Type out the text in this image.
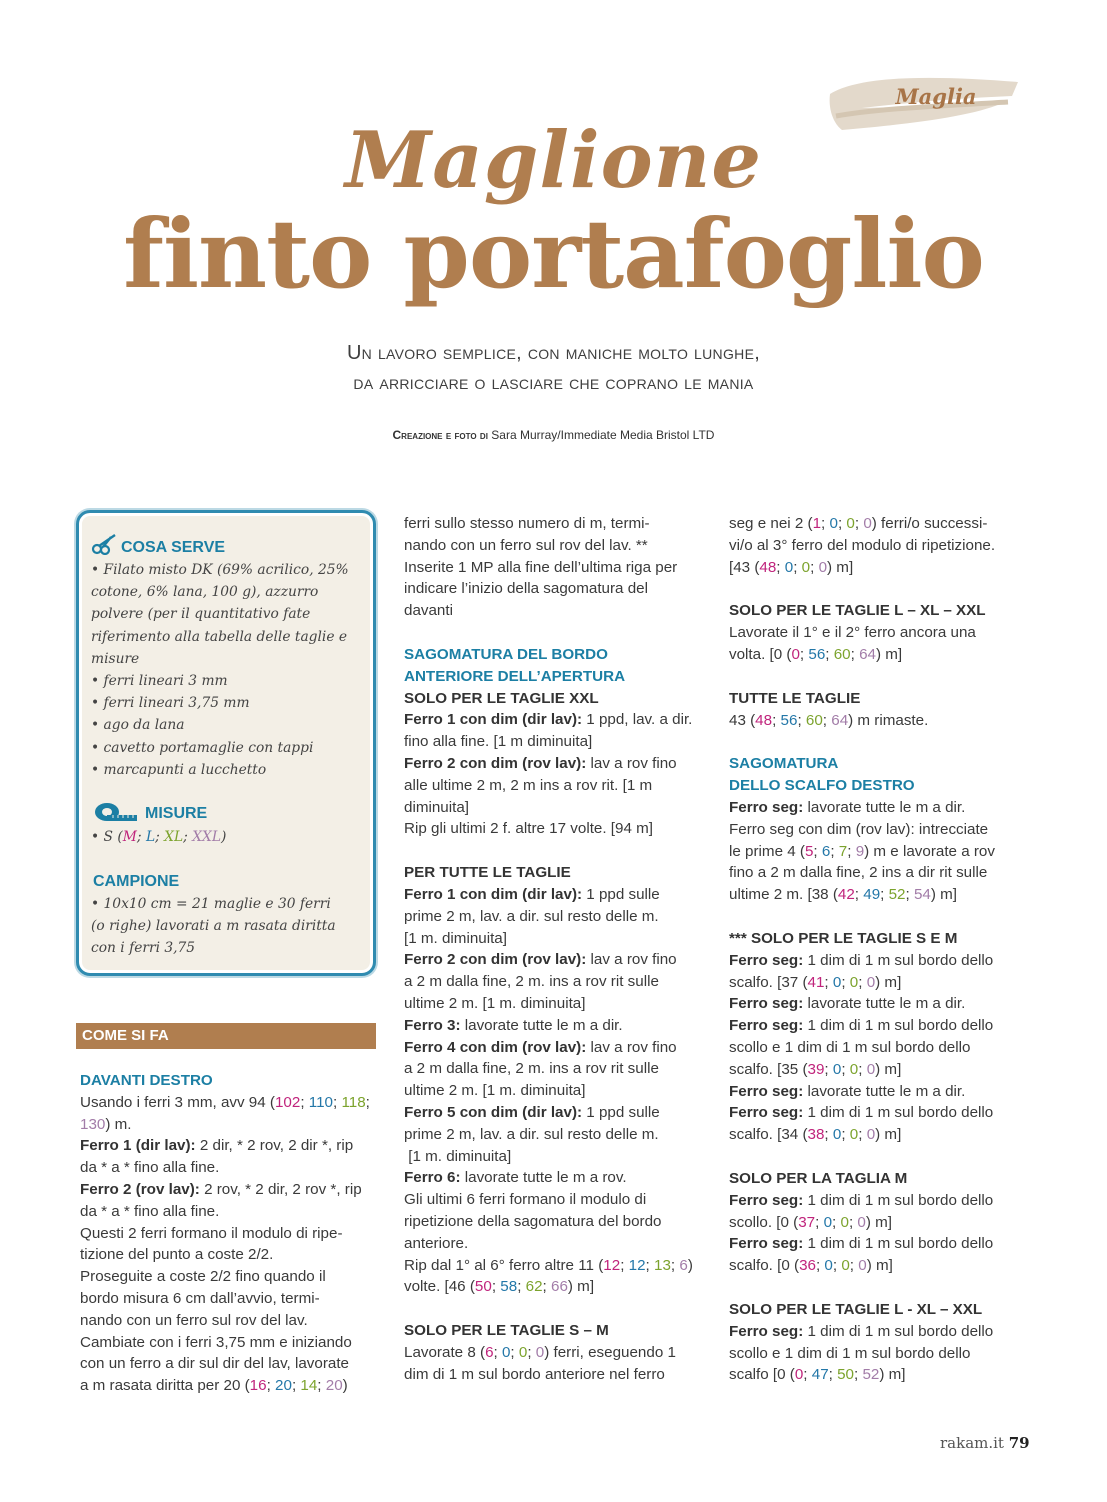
Maglia
Maglione
finto portafoglio
Un lavoro semplice, con maniche molto lunghe,
da arricciare o lasciare che coprano le mania
Creazione e foto di Sara Murray/Immediate Media Bristol LTD
COSA SERVE
• Filato misto DK (69% acrilico, 25%
cotone, 6% lana, 100 g), azzurro
polvere (per il quantitativo fate
riferimento alla tabella delle taglie e
misure
• ferri lineari 3 mm
• ferri lineari 3,75 mm
• ago da lana
• cavetto portamaglie con tappi
• marcapunti a lucchetto
MISURE
• S (M; L; XL; XXL)
CAMPIONE
• 10x10 cm = 21 maglie e 30 ferri
(o righe) lavorati a m rasata diritta
con i ferri 3,75
COME SI FA

DAVANTI DESTRO

Usando i ferri 3 mm, avv 94 (102; 110; 118;

130) m.

Ferro 1 (dir lav): 2 dir, * 2 rov, 2 dir *, rip

da * a * fino alla fine.

Ferro 2 (rov lav): 2 rov, * 2 dir, 2 rov *, rip

da * a * fino alla fine.

Questi 2 ferri formano il modulo di ripe-

tizione del punto a coste 2/2.

Proseguite a coste 2/2 fino quando il

bordo misura 6 cm dall’avvio, termi-

nando con un ferro sul rov del lav.

Cambiate con i ferri 3,75 mm e iniziando

con un ferro a dir sul dir del lav, lavorate

a m rasata diritta per 20 (16; 20; 14; 20)

ferri sullo stesso numero di m, termi-

nando con un ferro sul rov del lav. **

Inserite 1 MP alla fine dell’ultima riga per

indicare l’inizio della sagomatura del

davanti

SAGOMATURA DEL BORDO

ANTERIORE DELL’APERTURA

SOLO PER LE TAGLIE XXL

Ferro 1 con dim (dir lav): 1 ppd, lav. a dir.

fino alla fine. [1 m diminuita]

Ferro 2 con dim (rov lav): lav a rov fino

alle ultime 2 m, 2 m ins a rov rit. [1 m

diminuita]

Rip gli ultimi 2 f. altre 17 volte. [94 m]

PER TUTTE LE TAGLIE

Ferro 1 con dim (dir lav): 1 ppd sulle

prime 2 m, lav. a dir. sul resto delle m.

[1 m. diminuita]

Ferro 2 con dim (rov lav): lav a rov fino

a 2 m dalla fine, 2 m. ins a rov rit sulle

ultime 2 m. [1 m. diminuita]

Ferro 3: lavorate tutte le m a dir.

Ferro 4 con dim (rov lav): lav a rov fino

a 2 m dalla fine, 2 m. ins a rov rit sulle

ultime 2 m. [1 m. diminuita]

Ferro 5 con dim (dir lav): 1 ppd sulle

prime 2 m, lav. a dir. sul resto delle m.

[1 m. diminuita]

Ferro 6: lavorate tutte le m a rov.

Gli ultimi 6 ferri formano il modulo di

ripetizione della sagomatura del bordo

anteriore.

Rip dal 1° al 6° ferro altre 11 (12; 12; 13; 6)

volte. [46 (50; 58; 62; 66) m]

SOLO PER LE TAGLIE S – M

Lavorate 8 (6; 0; 0; 0) ferri, eseguendo 1

dim di 1 m sul bordo anteriore nel ferro

seg e nei 2 (1; 0; 0; 0) ferri/o successi-

vi/o al 3° ferro del modulo di ripetizione.

[43 (48; 0; 0; 0) m]

SOLO PER LE TAGLIE L – XL – XXL

Lavorate il 1° e il 2° ferro ancora una

volta. [0 (0; 56; 60; 64) m]

TUTTE LE TAGLIE

43 (48; 56; 60; 64) m rimaste.

SAGOMATURA

DELLO SCALFO DESTRO

Ferro seg: lavorate tutte le m a dir.

Ferro seg con dim (rov lav): intrecciate

le prime 4 (5; 6; 7; 9) m e lavorate a rov

fino a 2 m dalla fine, 2 ins a dir rit sulle

ultime 2 m. [38 (42; 49; 52; 54) m]

*** SOLO PER LE TAGLIE S E M

Ferro seg: 1 dim di 1 m sul bordo dello

scalfo. [37 (41; 0; 0; 0) m]

Ferro seg: lavorate tutte le m a dir.

Ferro seg: 1 dim di 1 m sul bordo dello

scollo e 1 dim di 1 m sul bordo dello

scalfo. [35 (39; 0; 0; 0) m]

Ferro seg: lavorate tutte le m a dir.

Ferro seg: 1 dim di 1 m sul bordo dello

scalfo. [34 (38; 0; 0; 0) m]

SOLO PER LA TAGLIA M

Ferro seg: 1 dim di 1 m sul bordo dello

scollo. [0 (37; 0; 0; 0) m]

Ferro seg: 1 dim di 1 m sul bordo dello

scalfo. [0 (36; 0; 0; 0) m]

SOLO PER LE TAGLIE L - XL – XXL

Ferro seg: 1 dim di 1 m sul bordo dello

scollo e 1 dim di 1 m sul bordo dello

scalfo [0 (0; 47; 50; 52) m]

rakam.it 79
